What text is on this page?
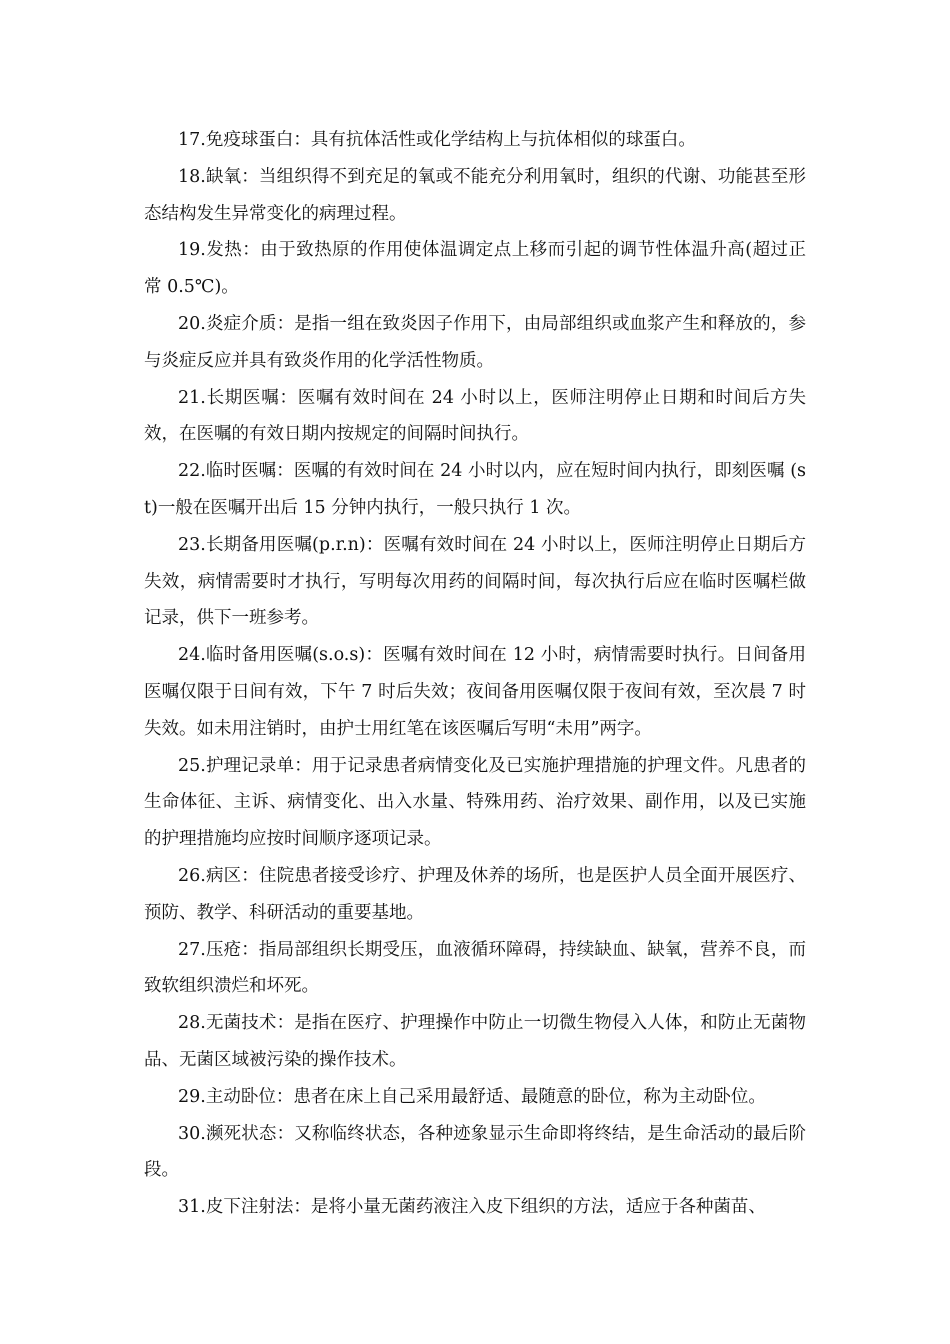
17.免疫球蛋白：具有抗体活性或化学结构上与抗体相似的球蛋白。

18.缺氧：当组织得不到充足的氧或不能充分利用氧时，组织的代谢、功能甚至形态结构发生异常变化的病理过程。

19.发热：由于致热原的作用使体温调定点上移而引起的调节性体温升高(超过正常 0.5℃)。

20.炎症介质：是指一组在致炎因子作用下，由局部组织或血浆产生和释放的，参与炎症反应并具有致炎作用的化学活性物质。

21.长期医嘱：医嘱有效时间在 24 小时以上，医师注明停止日期和时间后方失效，在医嘱的有效日期内按规定的间隔时间执行。

22.临时医嘱：医嘱的有效时间在 24 小时以内，应在短时间内执行，即刻医嘱 (st)一般在医嘱开出后 15 分钟内执行，一般只执行 1 次。

23.长期备用医嘱(p.r.n)：医嘱有效时间在 24 小时以上，医师注明停止日期后方失效，病情需要时才执行，写明每次用药的间隔时间，每次执行后应在临时医嘱栏做记录，供下一班参考。

24.临时备用医嘱(s.o.s)：医嘱有效时间在 12 小时，病情需要时执行。日间备用医嘱仅限于日间有效，下午 7 时后失效；夜间备用医嘱仅限于夜间有效，至次晨 7 时失效。如未用注销时，由护士用红笔在该医嘱后写明“未用”两字。

25.护理记录单：用于记录患者病情变化及已实施护理措施的护理文件。凡患者的生命体征、主诉、病情变化、出入水量、特殊用药、治疗效果、副作用，以及已实施的护理措施均应按时间顺序逐项记录。

26.病区：住院患者接受诊疗、护理及休养的场所，也是医护人员全面开展医疗、预防、教学、科研活动的重要基地。

27.压疮：指局部组织长期受压，血液循环障碍，持续缺血、缺氧，营养不良，而致软组织溃烂和坏死。

28.无菌技术：是指在医疗、护理操作中防止一切微生物侵入人体，和防止无菌物品、无菌区域被污染的操作技术。

29.主动卧位：患者在床上自己采用最舒适、最随意的卧位，称为主动卧位。

30.濒死状态：又称临终状态，各种迹象显示生命即将终结，是生命活动的最后阶段。

31.皮下注射法：是将小量无菌药液注入皮下组织的方法，适应于各种菌苗、
